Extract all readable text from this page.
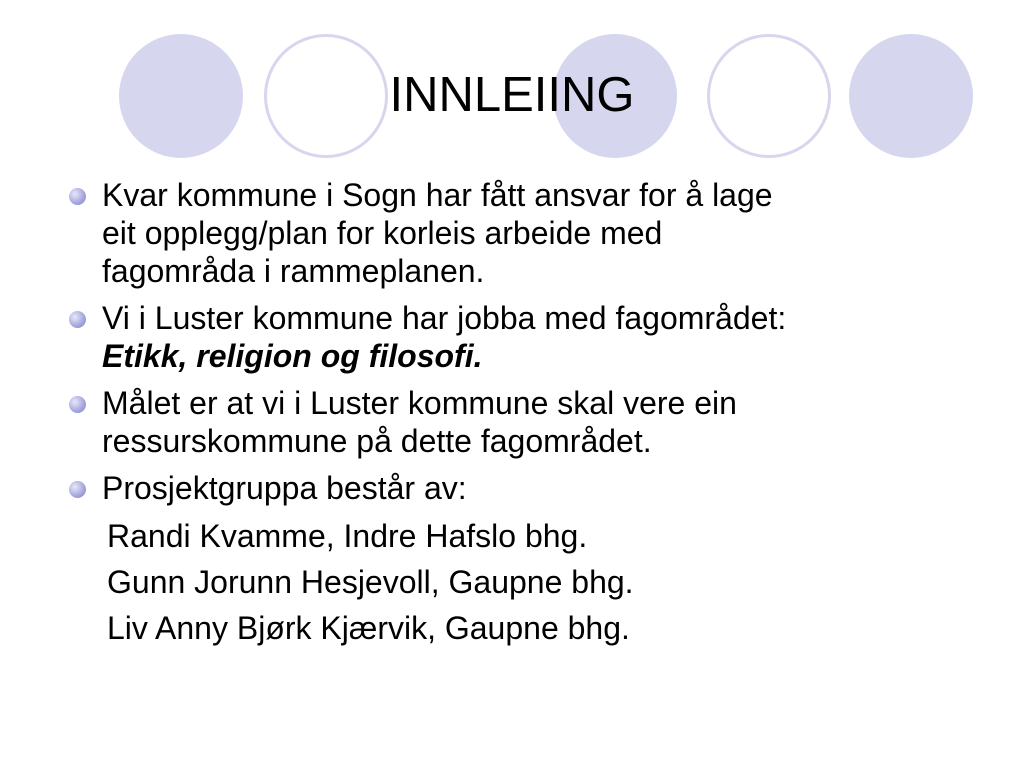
INNLEIING
Kvar kommune i Sogn har fått ansvar for å lage
eit opplegg/plan for korleis arbeide med
fagområda i rammeplanen.
Vi i Luster kommune har jobba med fagområdet:
Etikk, religion og filosofi.
Målet er at vi i Luster kommune skal vere ein
ressurskommune på dette fagområdet.
Prosjektgruppa består av:
Randi Kvamme, Indre Hafslo bhg.
Gunn Jorunn Hesjevoll, Gaupne bhg.
Liv Anny Bjørk Kjærvik, Gaupne bhg.
